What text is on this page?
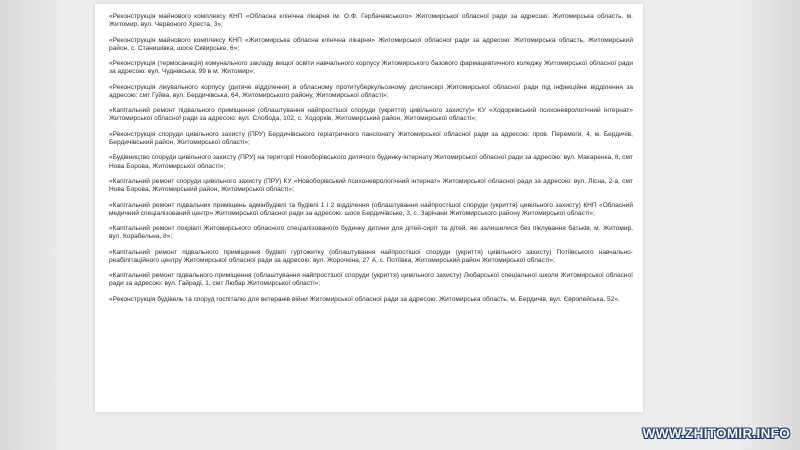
«Реконструкція майнового комплексу КНП «Обласна клінічна лікарня ім. О.Ф. Гербачевського» Житомирської обласної ради за адресою: Житомирська область, м. Житомир, вул. Червоного Хреста, 3»;

«Реконструкція майнового комплексу КНП «Житомирська обласна клінічна лікарня» Житомирської обласної ради за адресою: Житомирська область, Житомирський район, с. Станишівка, шосе Сквирське, 6»;

«Реконструкція (термосанація) комунального закладу вищої освіти навчального корпусу Житомирського базового фармацевтичного коледжу Житомирської обласної ради за адресою: вул. Чуднівська, 99 в м. Житомир»;

«Реконструкція лікувального корпусу (дитяче відділення) в обласному протитуберкульозному диспансері Житомирської обласної ради під інфекційне відділення за адресою: смт Гуйва, вул. Бердичівська, 64, Житомирського району, Житомирської області»;

«Капітальний ремонт підвального приміщення (облаштування найпростішої споруди (укриття) цивільного захисту)» КУ «Ходорківський психоневрологічний інтернат» Житомирської обласної ради за адресою: вул. Слобода, 102, с. Ходорків, Житомирський район, Житомирської області»;

«Реконструкція споруди цивільного захисту (ПРУ) Бердичівського геріатричного пансіонату Житомирської обласної ради за адресою: пров. Перемоги, 4, м. Бердичів, Бердичівський район, Житомирської області»;

«Будівництво споруди цивільного захисту (ПРУ) на території Новоборівського дитячого будинку-інтернату Житомирської обласної ради за адресою: вул. Макаренка, 8, смт Нова Борова, Житомирської області»;

«Капітальний ремонт споруди цивільного захисту (ПРУ) КУ «Новоборівський психоневрологічний інтернат» Житомирської обласної ради за адресою: вул. Лісна, 2-а, смт Нова Борова, Житомирський район, Житомирської області»;

«Капітальний ремонт підвальних приміщень адмінбудівлі та будівлі 1 і 2 відділення (облаштування найпростішої споруди (укриття) цивільного захисту) КНП «Обласний медичний спеціалізований центр» Житомирської обласної ради за адресою: шосе Бердичівське, 3, с. Зарічани Житомирського району Житомирської області»;

«Капітальний ремонт покрівлі Житомирського обласного спеціалізованого будинку дитини для дітей-сиріт та дітей, які залишилися без піклування батьків, м. Житомир, вул. Корабельна, 8»;

«Капітальний ремонт підвального приміщення будівлі гуртожитку (облаштування найпростішої споруди (укриття) цивільного захисту) Потіївського навчально-реабілітаційного центру Житомирської обласної ради за адресою: вул. Жорочкіна, 27 А, с. Потіївка, Житомирський район Житомирської області»;

«Капітальний ремонт підвального приміщення (облаштування найпростішої споруди (укриття) цивільного захисту) Любарської спеціальної школи Житомирської обласної ради за адресою: вул. Гайраді, 1, смт Любар Житомирської області»;

«Реконструкція будівель та споруд госпіталю для ветеранів війни Житомирської обласної ради за адресою: Житомирська область, м. Бердичів, вул. Європейська, 52».

WWW.ZHITOMIR.INFO
